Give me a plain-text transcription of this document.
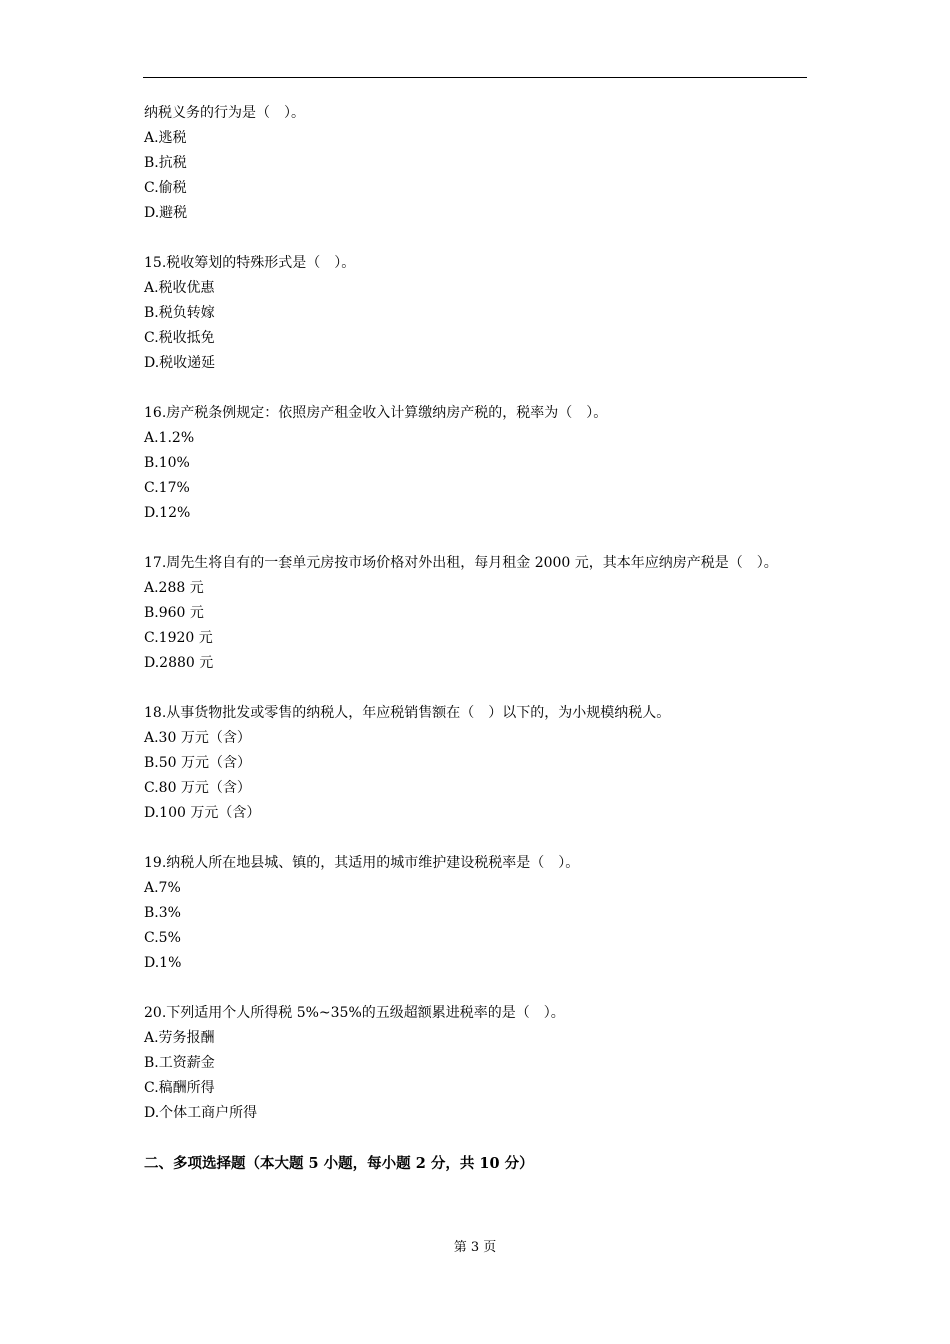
纳税义务的行为是（　）。
A.逃税
B.抗税
C.偷税
D.避税
15.税收筹划的特殊形式是（　）。
A.税收优惠
B.税负转嫁
C.税收抵免
D.税收递延
16.房产税条例规定：依照房产租金收入计算缴纳房产税的，税率为（　）。
A.1.2%
B.10%
C.17%
D.12%
17.周先生将自有的一套单元房按市场价格对外出租，每月租金 2000 元，其本年应纳房产税是（　）。
A.288 元
B.960 元
C.1920 元
D.2880 元
18.从事货物批发或零售的纳税人，年应税销售额在（　）以下的，为小规模纳税人。
A.30 万元（含）
B.50 万元（含）
C.80 万元（含）
D.100 万元（含）
19.纳税人所在地县城、镇的，其适用的城市维护建设税税率是（　）。
A.7%
B.3%
C.5%
D.1%
20.下列适用个人所得税 5%~35%的五级超额累进税率的是（　）。
A.劳务报酬
B.工资薪金
C.稿酬所得
D.个体工商户所得
二、多项选择题（本大题 5 小题，每小题 2 分，共 10 分）
第 3 页
